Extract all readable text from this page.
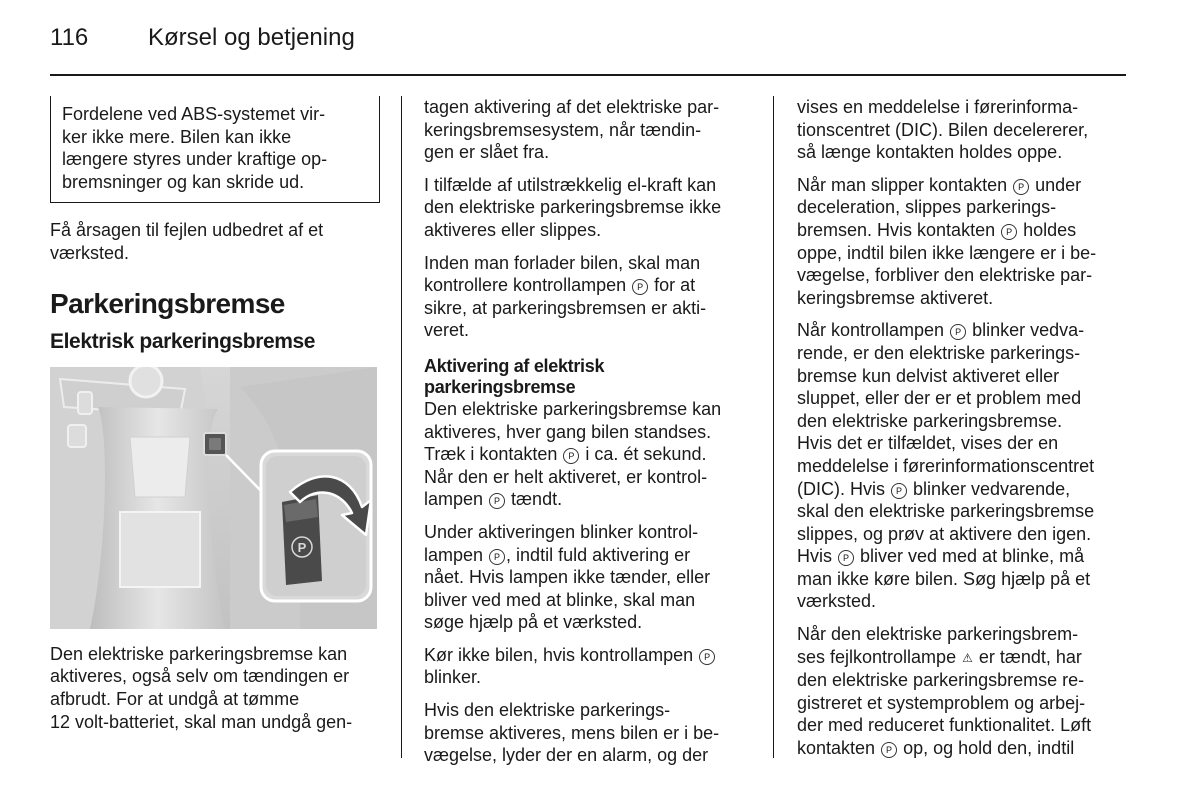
116 Kørsel og betjening
Fordelene ved ABS-systemet vir-
ker ikke mere. Bilen kan ikke
længere styres under kraftige op-
bremsninger og kan skride ud.

Få årsagen til fejlen udbedret af et
værksted.

Parkeringsbremse
Elektrisk parkeringsbremse
P

Den elektriske parkeringsbremse kan
aktiveres, også selv om tændingen er
afbrudt. For at undgå at tømme
12 volt-batteriet, skal man undgå gen-

tagen aktivering af det elektriske par-
keringsbremsesystem, når tændin-
gen er slået fra.

I tilfælde af utilstrækkelig el-kraft kan
den elektriske parkeringsbremse ikke
aktiveres eller slippes.

Inden man forlader bilen, skal man
kontrollere kontrollampen P for at
sikre, at parkeringsbremsen er akti-
veret.

Aktivering af elektrisk
parkeringsbremse

Den elektriske parkeringsbremse kan
aktiveres, hver gang bilen standses.
Træk i kontakten P i ca. ét sekund.
Når den er helt aktiveret, er kontrol-
lampen P tændt.

Under aktiveringen blinker kontrol-
lampen P , indtil fuld aktivering er
nået. Hvis lampen ikke tænder, eller
bliver ved med at blinke, skal man
søge hjælp på et værksted.

Kør ikke bilen, hvis kontrollampen P
blinker.

Hvis den elektriske parkerings-
bremse aktiveres, mens bilen er i be-
vægelse, lyder der en alarm, og der

vises en meddelelse i førerinforma-
tionscentret (DIC). Bilen decelererer,
så længe kontakten holdes oppe.

Når man slipper kontakten P under
deceleration, slippes parkerings-
bremsen. Hvis kontakten P holdes
oppe, indtil bilen ikke længere er i be-
vægelse, forbliver den elektriske par-
keringsbremse aktiveret.

Når kontrollampen P blinker vedva-
rende, er den elektriske parkerings-
bremse kun delvist aktiveret eller
sluppet, eller der er et problem med
den elektriske parkeringsbremse.
Hvis det er tilfældet, vises der en
meddelelse i førerinformationscentret
(DIC). Hvis P blinker vedvarende,
skal den elektriske parkeringsbremse
slippes, og prøv at aktivere den igen.
Hvis P bliver ved med at blinke, må
man ikke køre bilen. Søg hjælp på et
værksted.

Når den elektriske parkeringsbrem-
ses fejlkontrollampe ⚠ er tændt, har
den elektriske parkeringsbremse re-
gistreret et systemproblem og arbej-
der med reduceret funktionalitet. Løft
kontakten P op, og hold den, indtil
